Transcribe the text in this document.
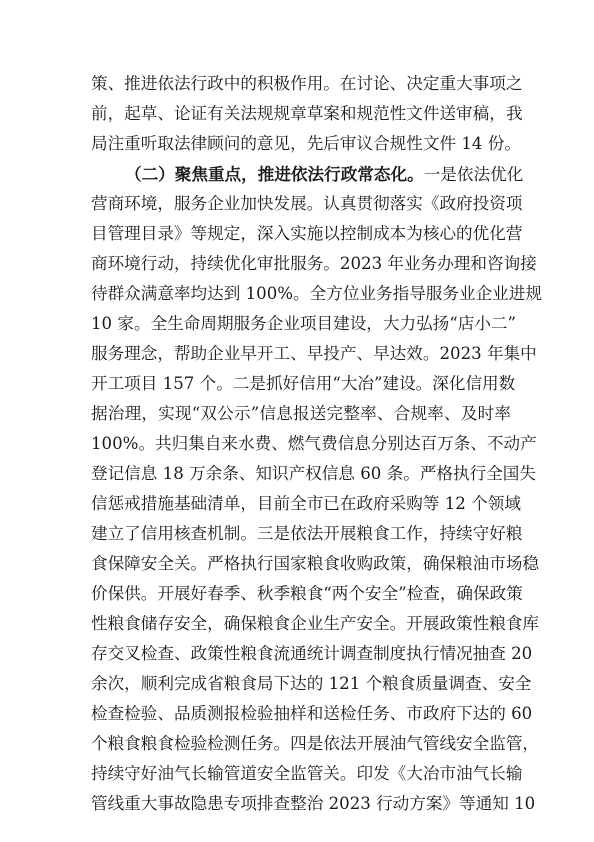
策、推进依法行政中的积极作用。在讨论、决定重大事项之
前，起草、论证有关法规规章草案和规范性文件送审稿，我
局注重听取法律顾问的意见，先后审议合规性文件 14 份。
（二）聚焦重点，推进依法行政常态化。一是依法优化
营商环境，服务企业加快发展。认真贯彻落实《政府投资项
目管理目录》等规定，深入实施以控制成本为核心的优化营
商环境行动，持续优化审批服务。2023 年业务办理和咨询接
待群众满意率均达到 100%。全方位业务指导服务业企业进规
10 家。全生命周期服务企业项目建设，大力弘扬“店小二”
服务理念，帮助企业早开工、早投产、早达效。2023 年集中
开工项目 157 个。二是抓好信用“大冶”建设。深化信用数
据治理，实现“双公示”信息报送完整率、合规率、及时率
100%。共归集自来水费、燃气费信息分别达百万条、不动产
登记信息 18 万余条、知识产权信息 60 条。严格执行全国失
信惩戒措施基础清单，目前全市已在政府采购等 12 个领域
建立了信用核查机制。三是依法开展粮食工作，持续守好粮
食保障安全关。严格执行国家粮食收购政策，确保粮油市场稳
价保供。开展好春季、秋季粮食“两个安全”检查，确保政策
性粮食储存安全，确保粮食企业生产安全。开展政策性粮食库
存交叉检查、政策性粮食流通统计调查制度执行情况抽查 20
余次，顺利完成省粮食局下达的 121 个粮食质量调查、安全
检查检验、品质测报检验抽样和送检任务、市政府下达的 60
个粮食粮食检验检测任务。四是依法开展油气管线安全监管，
持续守好油气长输管道安全监管关。印发《大冶市油气长输
管线重大事故隐患专项排查整治 2023 行动方案》等通知 10
